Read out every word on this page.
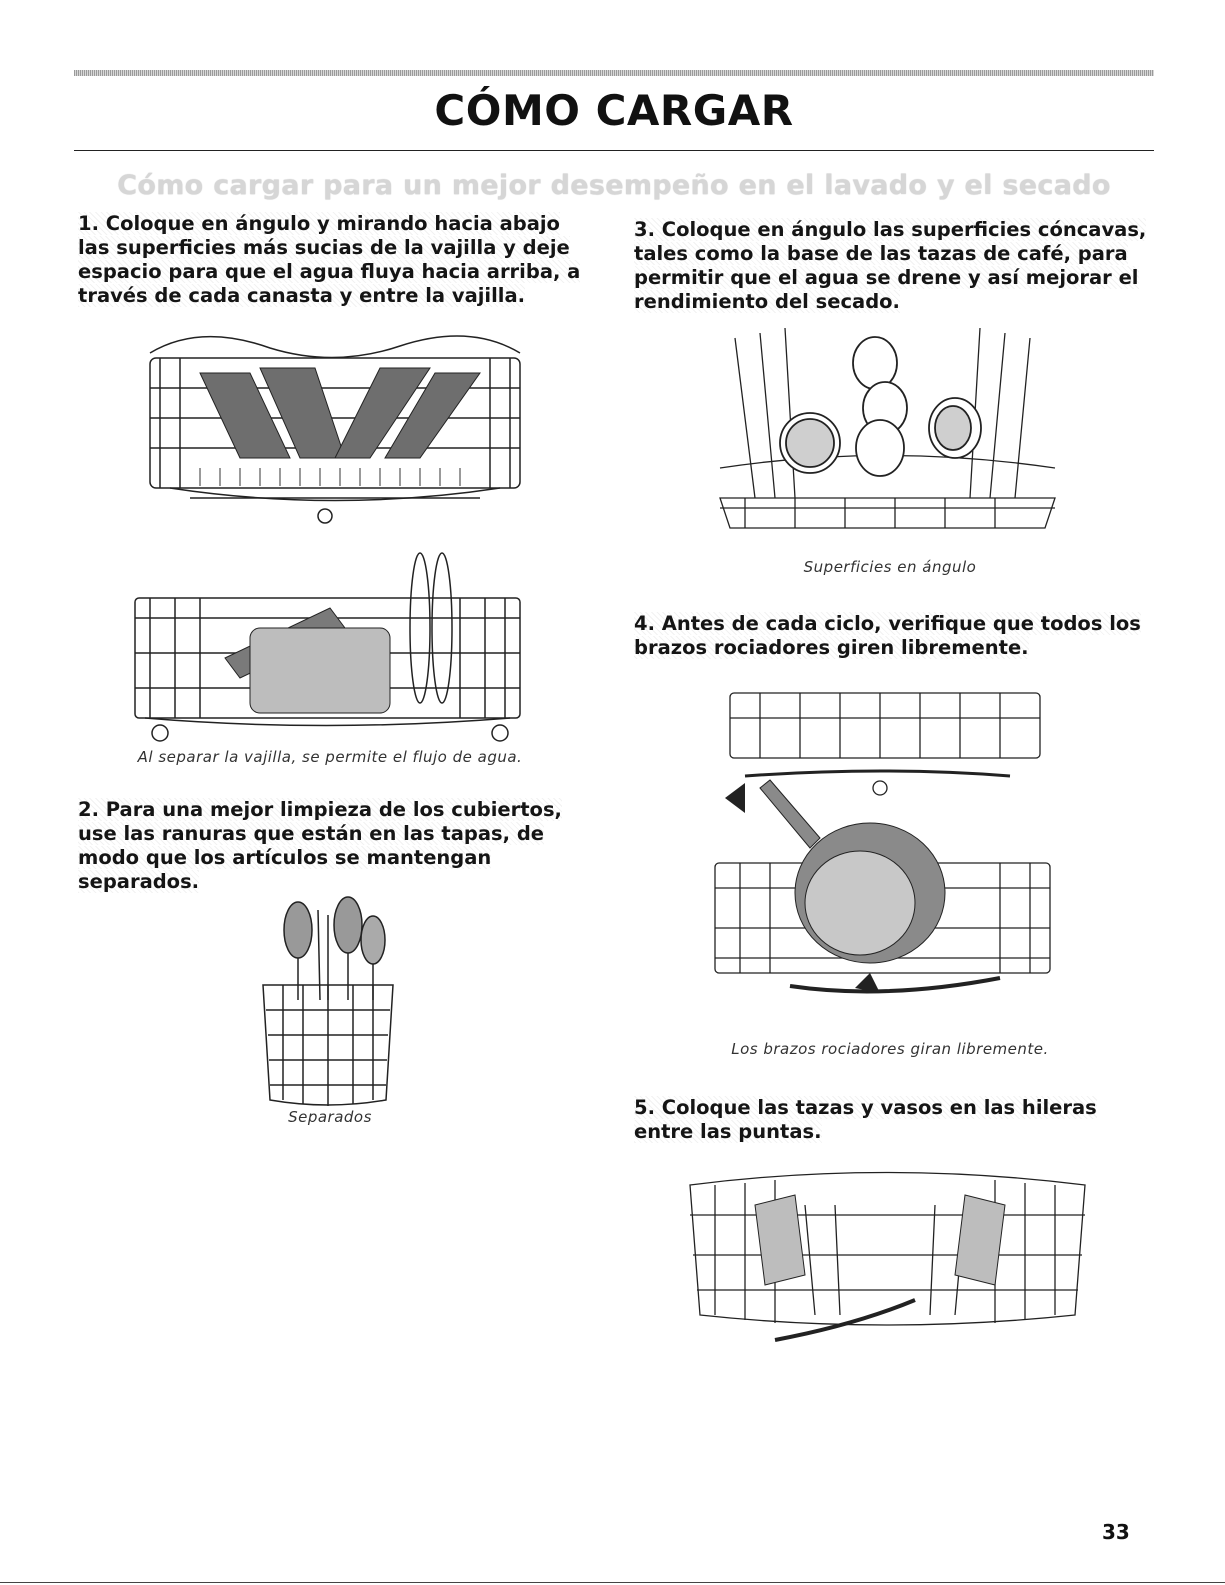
CÓMO CARGAR
Cómo cargar para un mejor desempeño en el lavado y el secado
1. Coloque en ángulo y mirando hacia abajo las superficies más sucias de la vajilla y deje espacio para que el agua fluya hacia arriba, a través de cada canasta y entre la vajilla.
Al separar la vajilla, se permite el flujo de agua.
2. Para una mejor limpieza de los cubiertos, use las ranuras que están en las tapas, de modo que los artículos se mantengan separados.
Separados
3. Coloque en ángulo las superficies cóncavas, tales como la base de las tazas de café, para permitir que el agua se drene y así mejorar el rendimiento del secado.
Superficies en ángulo
4. Antes de cada ciclo, verifique que todos los brazos rociadores giren libremente.
Los brazos rociadores giran libremente.
5. Coloque las tazas y vasos en las hileras entre las puntas.
33
